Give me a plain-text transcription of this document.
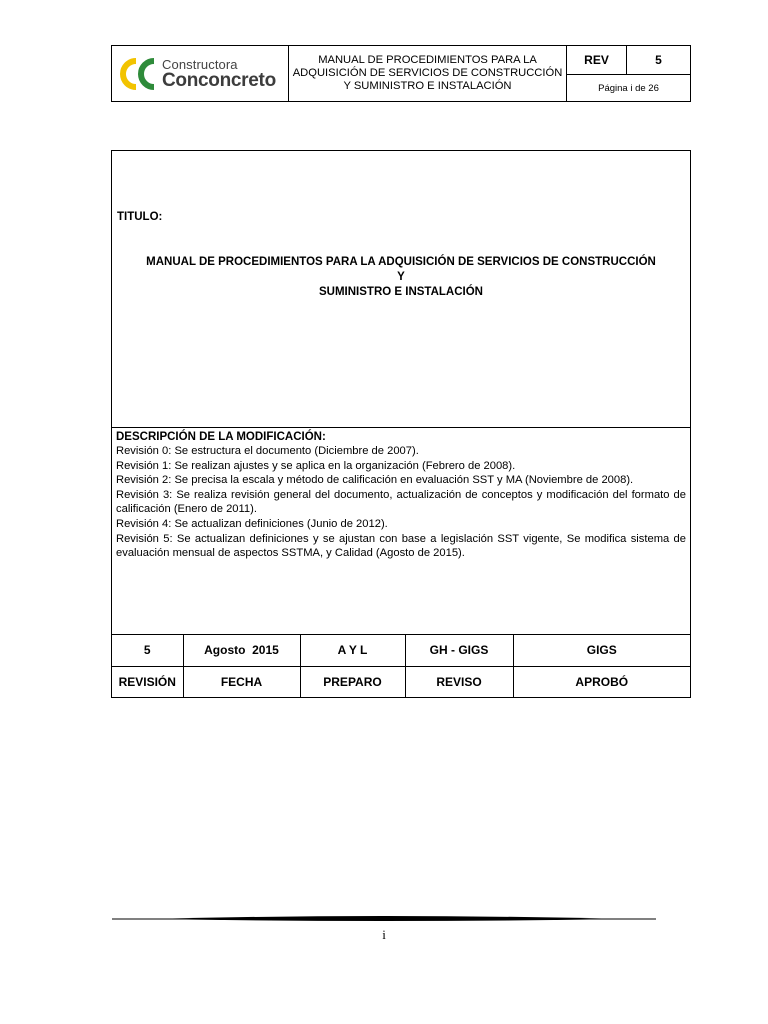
Constructora
Conconcreto
MANUAL DE PROCEDIMIENTOS PARA LA ADQUISICIÓN DE SERVICIOS DE CONSTRUCCIÓN Y SUMINISTRO E INSTALACIÓN
REV	5
Página i de 26
TITULO:
MANUAL DE PROCEDIMIENTOS PARA LA ADQUISICIÓN DE SERVICIOS DE CONSTRUCCIÓN
Y
SUMINISTRO E INSTALACIÓN
DESCRIPCIÓN DE LA MODIFICACIÓN:
Revisión 0: Se estructura el documento (Diciembre de 2007).
Revisión 1: Se realizan ajustes y se aplica en la organización (Febrero de 2008).
Revisión 2: Se precisa la escala y método de calificación en evaluación SST y MA (Noviembre de 2008).
Revisión 3: Se realiza revisión general del documento, actualización de conceptos y modificación del formato de calificación (Enero de 2011).
Revisión 4: Se actualizan definiciones (Junio de 2012).
Revisión 5: Se actualizan definiciones y se ajustan con base a legislación SST vigente, Se modifica sistema de evaluación mensual de aspectos SSTMA, y Calidad (Agosto de 2015).
5	Agosto  2015	A Y L	GH - GIGS	GIGS
REVISIÓN	FECHA	PREPARO	REVISO	APROBÓ
i
